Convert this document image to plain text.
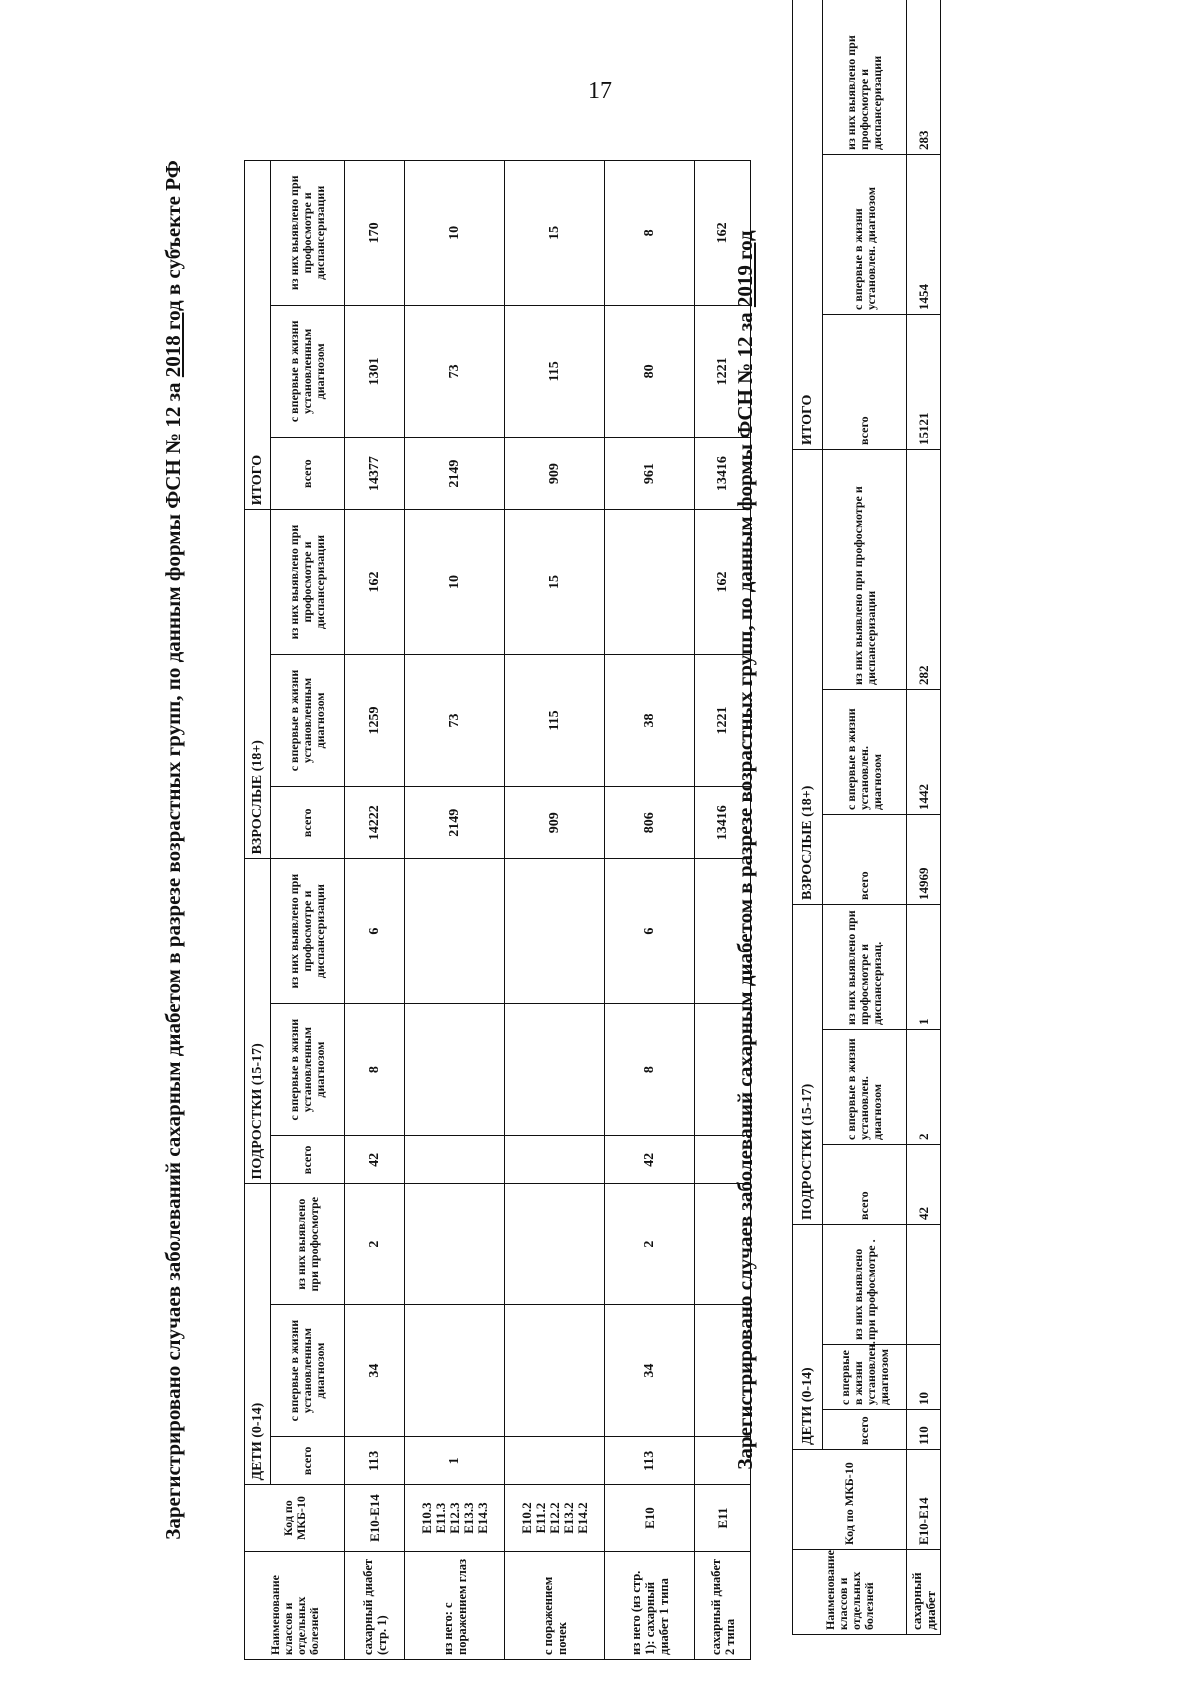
17
Зарегистрировано случаев заболеваний сахарным диабетом в разрезе возрастных групп, по данным формы ФСН № 12 за 2018 год в субъекте РФ
Наименование классов и отдельных болезней	Код по МКБ-10	ДЕТИ (0-14)			ПОДРОСТКИ (15-17)			ВЗРОСЛЫЕ (18+)			ИТОГО		
		всего	с впервые в жизни установленным диагнозом	из них выявлено при профосмотре	всего	с впервые в жизни установленным диагнозом	из них выявлено при профосмотре и диспансеризации	всего	с впервые в жизни установленным диагнозом	из них выявлено при профосмотре и диспансеризации	всего	с впервые в жизни установленным диагнозом	из них выявлено при профосмотре и диспансеризации
сахарный диабет (стр. 1)	Е10-Е14	113	34	2	42	8	6	14222	1259	162	14377	1301	170
из него: с поражением глаз	Е10.3 Е11.3 Е12.3 Е13.3 Е14.3	1						2149	73	10	2149	73	10
с поражением почек	Е10.2 Е11.2 Е12.2 Е13.2 Е14.2							909	115	15	909	115	15
из него (из стр. 1): сахарный диабет 1 типа	Е10	113	34	2	42	8	6	806	38		961	80	8
сахарный диабет 2 типа	Е11							13416	1221	162	13416	1221	162
Зарегистрировано случаев заболеваний сахарным диабетом в разрезе возрастных групп, по данным формы ФСН № 12 за 2019 год
Наименование классов и отдельных болезней	Код по МКБ-10	ДЕТИ (0-14)			ПОДРОСТКИ (15-17)			ВЗРОСЛЫЕ (18+)			ИТОГО		
		всего	с впервые в жизни установлен. диагнозом	из них выявлено при профосмотре .	всего	с впервые в жизни установлен. диагнозом	из них выявлено при профосмотре и диспансеризац.	всего	с впервые в жизни установлен. диагнозом	из них выявлено при профосмотре и диспансеризации	всего	с впервые в жизни установлен. диагнозом	из них выявлено при профосмотре и диспансеризации
сахарный диабет	Е10-Е14	110	10		42	2	1	14969	1442	282	15121	1454	283
